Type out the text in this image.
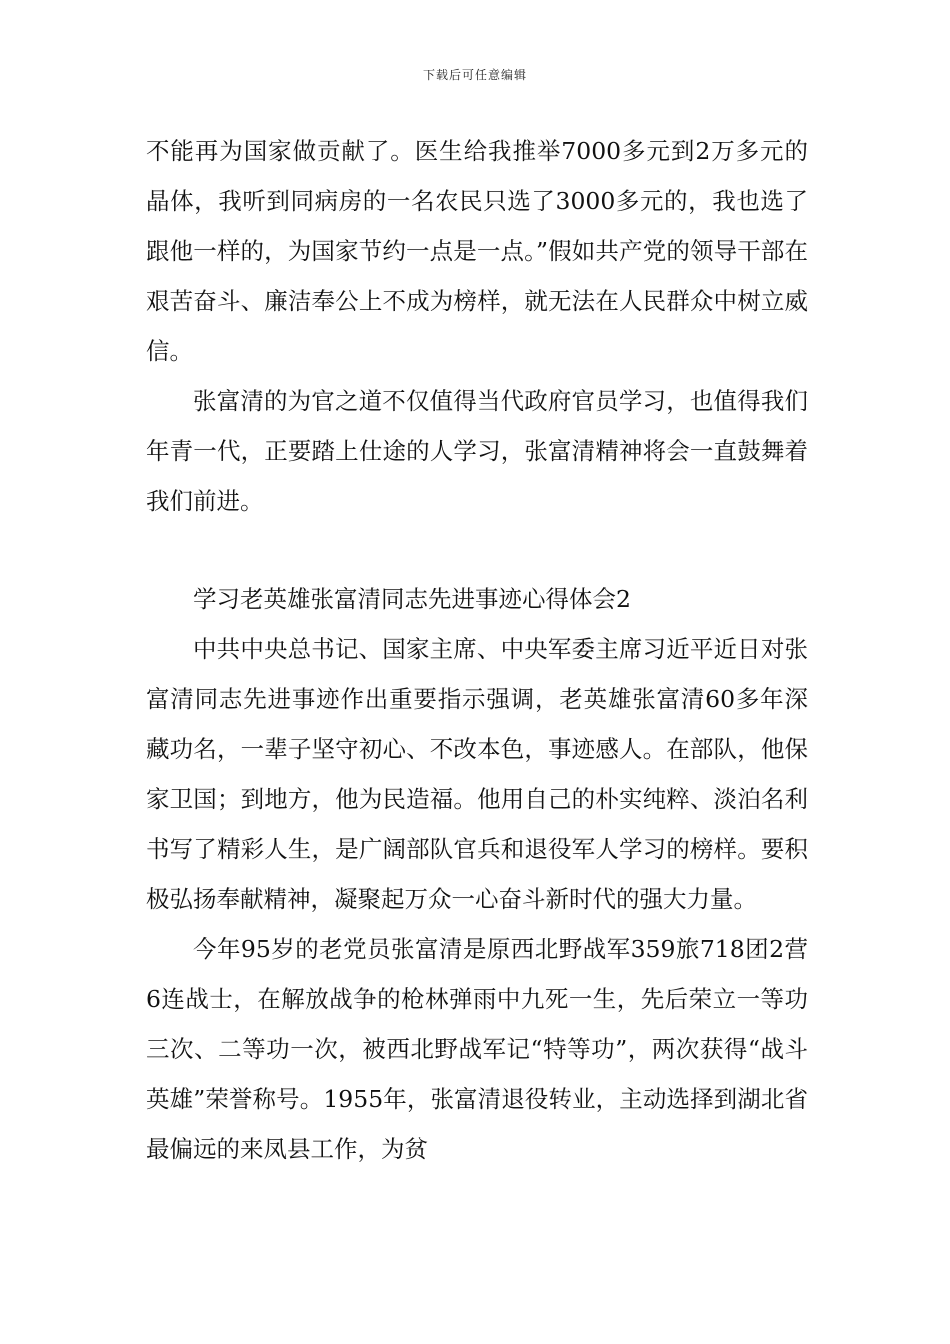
下载后可任意编辑

不能再为国家做贡献了。医生给我推举7000多元到2万多元的晶体，我听到同病房的一名农民只选了3000多元的，我也选了跟他一样的，为国家节约一点是一点。”假如共产党的领导干部在艰苦奋斗、廉洁奉公上不成为榜样，就无法在人民群众中树立威信。

张富清的为官之道不仅值得当代政府官员学习，也值得我们年青一代，正要踏上仕途的人学习，张富清精神将会一直鼓舞着我们前进。

学习老英雄张富清同志先进事迹心得体会2

中共中央总书记、国家主席、中央军委主席习近平近日对张富清同志先进事迹作出重要指示强调，老英雄张富清60多年深藏功名，一辈子坚守初心、不改本色，事迹感人。在部队，他保家卫国；到地方，他为民造福。他用自己的朴实纯粹、淡泊名利书写了精彩人生，是广阔部队官兵和退役军人学习的榜样。要积极弘扬奉献精神，凝聚起万众一心奋斗新时代的强大力量。

今年95岁的老党员张富清是原西北野战军359旅718团2营6连战士，在解放战争的枪林弹雨中九死一生，先后荣立一等功三次、二等功一次，被西北野战军记“特等功”，两次获得“战斗英雄”荣誉称号。1955年，张富清退役转业，主动选择到湖北省最偏远的来凤县工作，为贫
